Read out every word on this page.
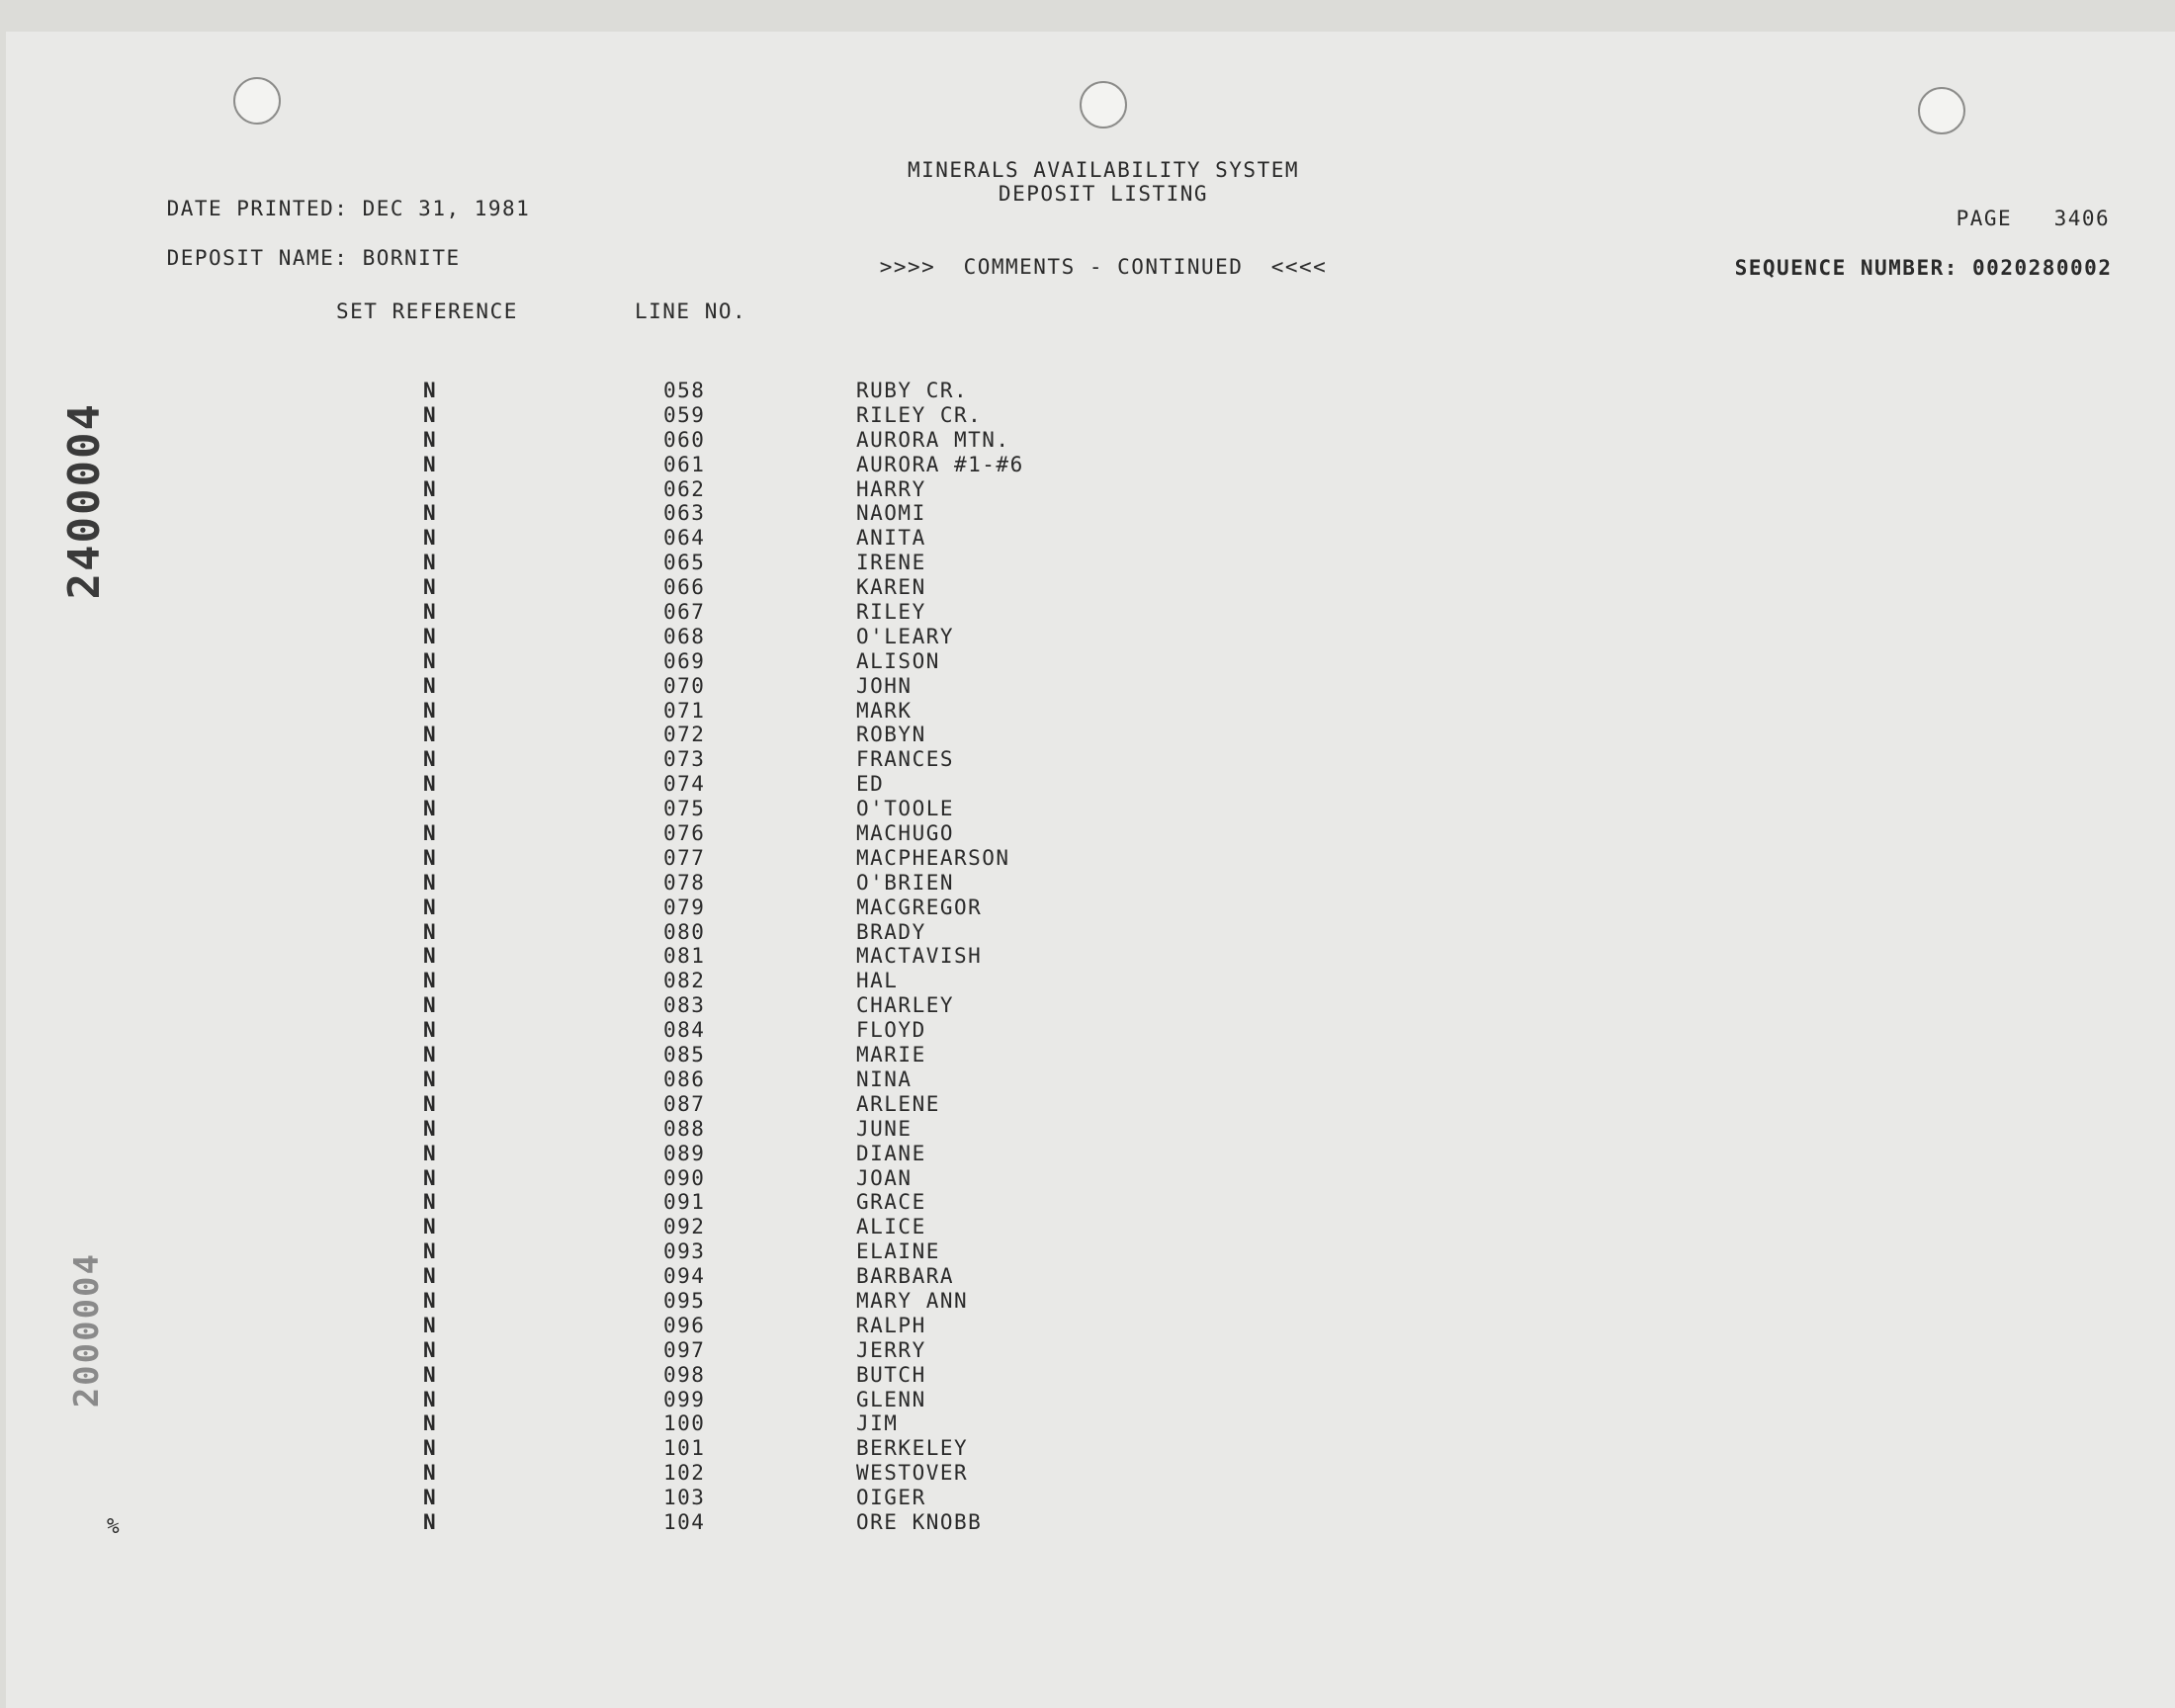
DATE PRINTED: DEC 31, 1981

DEPOSIT NAME: BORNITE

MINERALS AVAILABILITY SYSTEM
DEPOSIT LISTING
>>>>  COMMENTS - CONTINUED  <<<<

PAGE 3406

SEQUENCE NUMBER: 0020280002

SET REFERENCE	LINE NO.
N	058	RUBY CR.
N	059	RILEY CR.
N	060	AURORA MTN.
N	061	AURORA #1-#6
N	062	HARRY
N	063	NAOMI
N	064	ANITA
N	065	IRENE
N	066	KAREN
N	067	RILEY
N	068	O'LEARY
N	069	ALISON
N	070	JOHN
N	071	MARK
N	072	ROBYN
N	073	FRANCES
N	074	ED
N	075	O'TOOLE
N	076	MACHUGO
N	077	MACPHEARSON
N	078	O'BRIEN
N	079	MACGREGOR
N	080	BRADY
N	081	MACTAVISH
N	082	HAL
N	083	CHARLEY
N	084	FLOYD
N	085	MARIE
N	086	NINA
N	087	ARLENE
N	088	JUNE
N	089	DIANE
N	090	JOAN
N	091	GRACE
N	092	ALICE
N	093	ELAINE
N	094	BARBARA
N	095	MARY ANN
N	096	RALPH
N	097	JERRY
N	098	BUTCH
N	099	GLENN
N	100	JIM
N	101	BERKELEY
N	102	WESTOVER
N	103	OIGER
N	104	ORE KNOBB
2400004
2000004
%
